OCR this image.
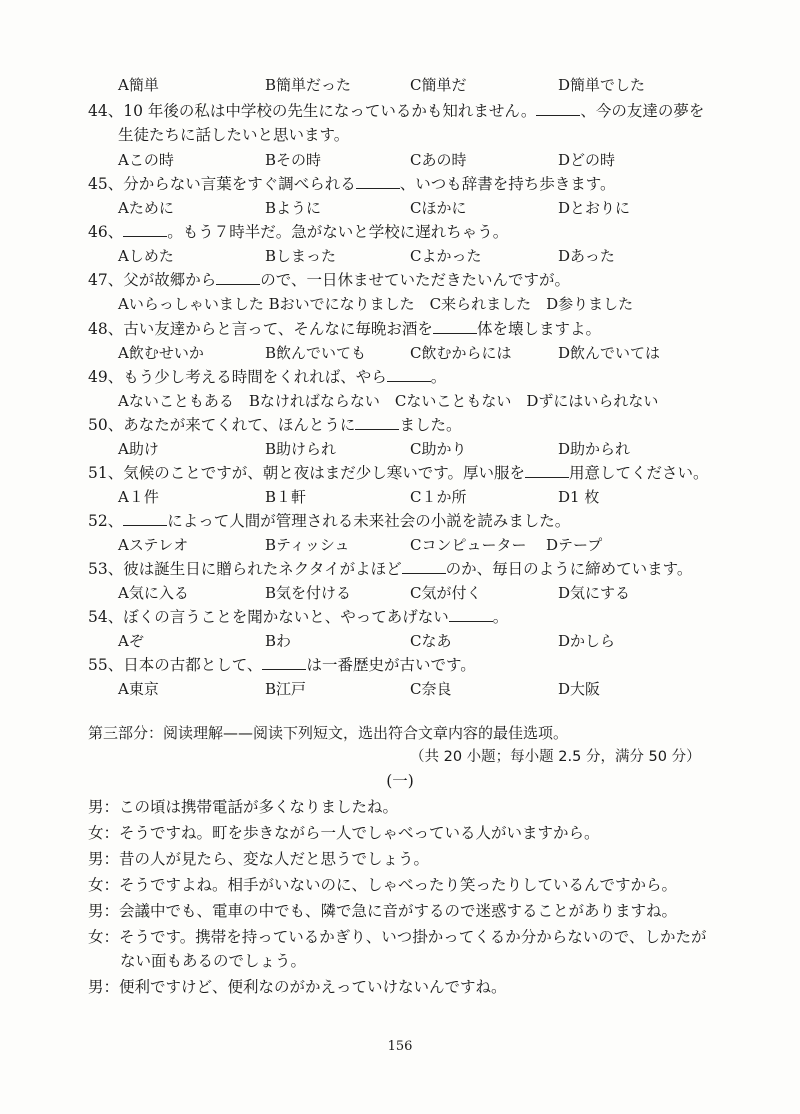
A簡単	B簡単だった	C簡単だ	D簡単でした
44、10 年後の私は中学校の先生になっているかも知れません。	、今の友達の夢を
生徒たちに話したいと思います。
Aこの時	Bその時	Cあの時	Dどの時
45、分からない言葉をすぐ調べられる	、いつも辞書を持ち歩きます。
Aために	Bように	Cほかに	Dとおりに
46、	。もう７時半だ。急がないと学校に遅れちゃう。
Aしめた	Bしまった	Cよかった	Dあった
47、父が故郷から	ので、一日休ませていただきたいんですが。
Aいらっしゃいました Bおいでになりました　C来られました　D参りました
48、古い友達からと言って、そんなに毎晩お酒を	体を壊しますよ。
A飲むせいか	B飲んでいても	C飲むからには	D飲んでいては
49、もう少し考える時間をくれれば、やら	。
Aないこともある　Bなければならない　Cないこともない　Dずにはいられない
50、あなたが来てくれて、ほんとうに	ました。
A助け	B助けられ	C助かり	D助かられ
51、気候のことですが、朝と夜はまだ少し寒いです。厚い服を	用意してください。
A１件	B１軒	C１か所	D1 枚
52、	によって人間が管理される未来社会の小説を読みました。
Aステレオ	Bティッシュ	Cコンピューター Dテープ
53、彼は誕生日に贈られたネクタイがよほど	のか、毎日のように締めています。
A気に入る	B気を付ける	C気が付く	D気にする
54、ぼくの言うことを聞かないと、やってあげない	。
Aぞ	Bわ	Cなあ	Dかしら
55、日本の古都として、	は一番歴史が古いです。
A東京	B江戸	C奈良	D大阪
第三部分：阅读理解——阅读下列短文，选出符合文章内容的最佳选项。
（共 20 小题；每小题 2.5 分，满分 50 分）
(一)
男：この頃は携帯電話が多くなりましたね。
女：そうですね。町を歩きながら一人でしゃべっている人がいますから。
男：昔の人が見たら、変な人だと思うでしょう。
女：そうですよね。相手がいないのに、しゃべったり笑ったりしているんですから。
男：会議中でも、電車の中でも、隣で急に音がするので迷惑することがありますね。
女：そうです。携帯を持っているかぎり、いつ掛かってくるか分からないので、しかたが
ない面もあるのでしょう。
男：便利ですけど、便利なのがかえっていけないんですね。
156
